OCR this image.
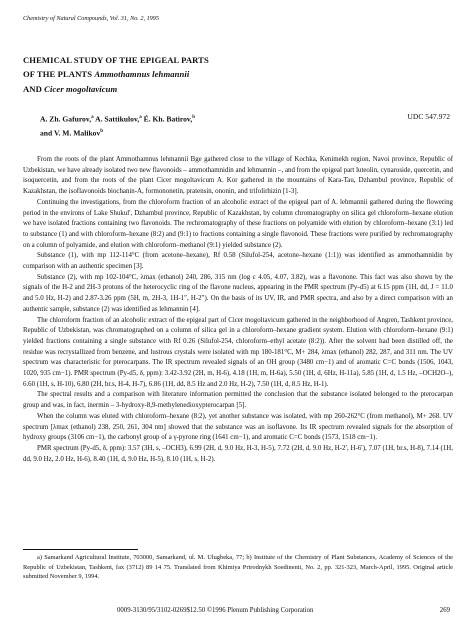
Chemistry of Natural Compounds, Vol. 31, No. 2, 1995
CHEMICAL STUDY OF THE EPIGEAL PARTS
OF THE PLANTS Ammothamnus lehmannii
AND Cicer mogoltavicum
A. Zh. Gafurov,$^a$ A. Sattikulov,$^a$ É. Kh. Batirov,$^b$
and V. M. Malikov$^b$
UDC 547.972

From the roots of the plant Ammothamnus lehmannii Bge gathered close to the village of Kochka, Kenimekh region, Navoi province, Republic of Uzbekistan, we have already isolated two new flavonoids – ammothamnidin and lehmannin –, and from the epigeal part luteolin, cynaroside, quercetin, and isoquercetin, and from the roots of the plant Cicer mogoltavicum A. Kor gathered in the mountains of Kara-Tau, Dzhambul province, Republic of Kazakhstan, the isoflavonoids biochanin-A, formononetin, pratensin, ononin, and trifolirhizin [1-3].

Continuing the investigations, from the chloroform fraction of an alcoholic extract of the epigeal part of A. lehmannii gathered during the flowering period in the environs of Lake Shukul', Dzhambul province, Republic of Kazakhstan, by column chromatography on silica gel chloroform–hexane elution we have isolated fractions containing two flavonoids. The rechromatography of these fractions on polyamide with elution by chloroform–hexane (3:1) led to substance (1) and with chloroform–hexane (8:2) and (9:1) to fractions containing a single flavonoid. These fractions were purified by rechromatography on a column of polyamide, and elution with chloroform–methanol (9:1) yielded substance (2).

Substance (1), with mp 112-114°C (from acetone–hexane), Rf 0.58 (Silufol-254, acetone–hexane (1:1)) was identified as ammothamnidin by comparison with an authentic specimen [3].

Substance (2), with mp 102-104°C, λmax (ethanol) 240, 286, 315 nm (log ε 4.05, 4.07, 3.82), was a flavonone. This fact was also shown by the signals of the H-2 and 2H-3 protons of the heterocyclic ring of the flavone nucleus, appearing in the PMR spectrum (Py-d5) at 6.15 ppm (1H, dd, J = 11.0 and 5.0 Hz, H-2) and 2.87-3.26 ppm (5H, m, 2H-3, 1H-1″, H-2″). On the basis of its UV, IR, and PMR spectra, and also by a direct comparison with an authentic sample, substance (2) was identified as lehmannin [4].

The chloroform fraction of an alcoholic extract of the epigeal part of Cicer mogoltavicum gathered in the neighborhood of Angren, Tashkent province, Republic of Uzbekistan, was chromatographed on a column of silica gel in a chloroform–hexane gradient system. Elution with chloroform–hexane (9:1) yielded fractions containing a single substance with Rf 0.26 (Silufol-254, chloroform–ethyl acetate (8:2)). After the solvent had been distilled off, the residue was recrystallized from benzene, and lustrous crystals were isolated with mp 180-181°C, M+ 284, λmax (ethanol) 282, 287, and 311 nm. The UV spectrum was characteristic for pterocarpans. The IR spectrum revealed signals of an OH group (3480 cm−1) and of aromatic C=C bonds (1506, 1043, 1020, 935 cm−1). PMR spectrum (Py-d5, δ, ppm): 3.42-3.92 (2H, m, H-6), 4.18 (1H, m, H-6a), 5.50 (1H, d, 6Hz, H-11a), 5.85 (1H, d, 1.5 Hz, –OCH2O–), 6.60 (1H, s, H-10), 6.80 (2H, br.s, H-4, H-7), 6.86 (1H, dd, 8.5 Hz and 2.0 Hz, H-2), 7.50 (1H, d, 8.5 Hz, H-1).

The spectral results and a comparison with literature information permitted the conclusion that the substance isolated belonged to the pterocarpan group and was, in fact, inermin – 3-hydroxy-8,9-methylenedioxypterocarpan [5].

When the column was eluted with chloroform–hexane (8:2), yet another substance was isolated, with mp 260-262°C (from methanol), M+ 268. UV spectrum [λmax (ethanol) 238, 250, 261, 304 nm] showed that the substance was an isoflavone. Its IR spectrum revealed signals for the absorption of hydroxy groups (3106 cm−1), the carbonyl group of a γ-pyrone ring (1641 cm−1), and aromatic C=C bonds (1573, 1518 cm−1).

PMR spectrum (Py-d5, δ, ppm): 3.57 (3H, s, –OCH3), 6.99 (2H, d, 9.0 Hz, H-3, H-5), 7.72 (2H, d, 9.0 Hz, H-2′, H-6′), 7.07 (1H, br.s, H-8), 7.14 (1H, dd, 9.0 Hz, 2.0 Hz, H-6), 8.40 (1H, d, 9.0 Hz, H-5), 8.10 (1H, s, H-2).

a) Samarkand Agricultural Institute, 703000, Samarkand, ul. M. Ulugbeka, 77; b) Institute of the Chemistry of Plant Substances, Academy of Sciences of the Republic of Uzbekistan, Tashkent, fax (3712) 89 14 75. Translated from Khimiya Prirodnykh Soedinenii, No. 2, pp. 321-323, March-April, 1995. Original article submitted November 9, 1994.
0009-3130/95/3102-0269$12.50 ©1996 Plenum Publishing Corporation	269
